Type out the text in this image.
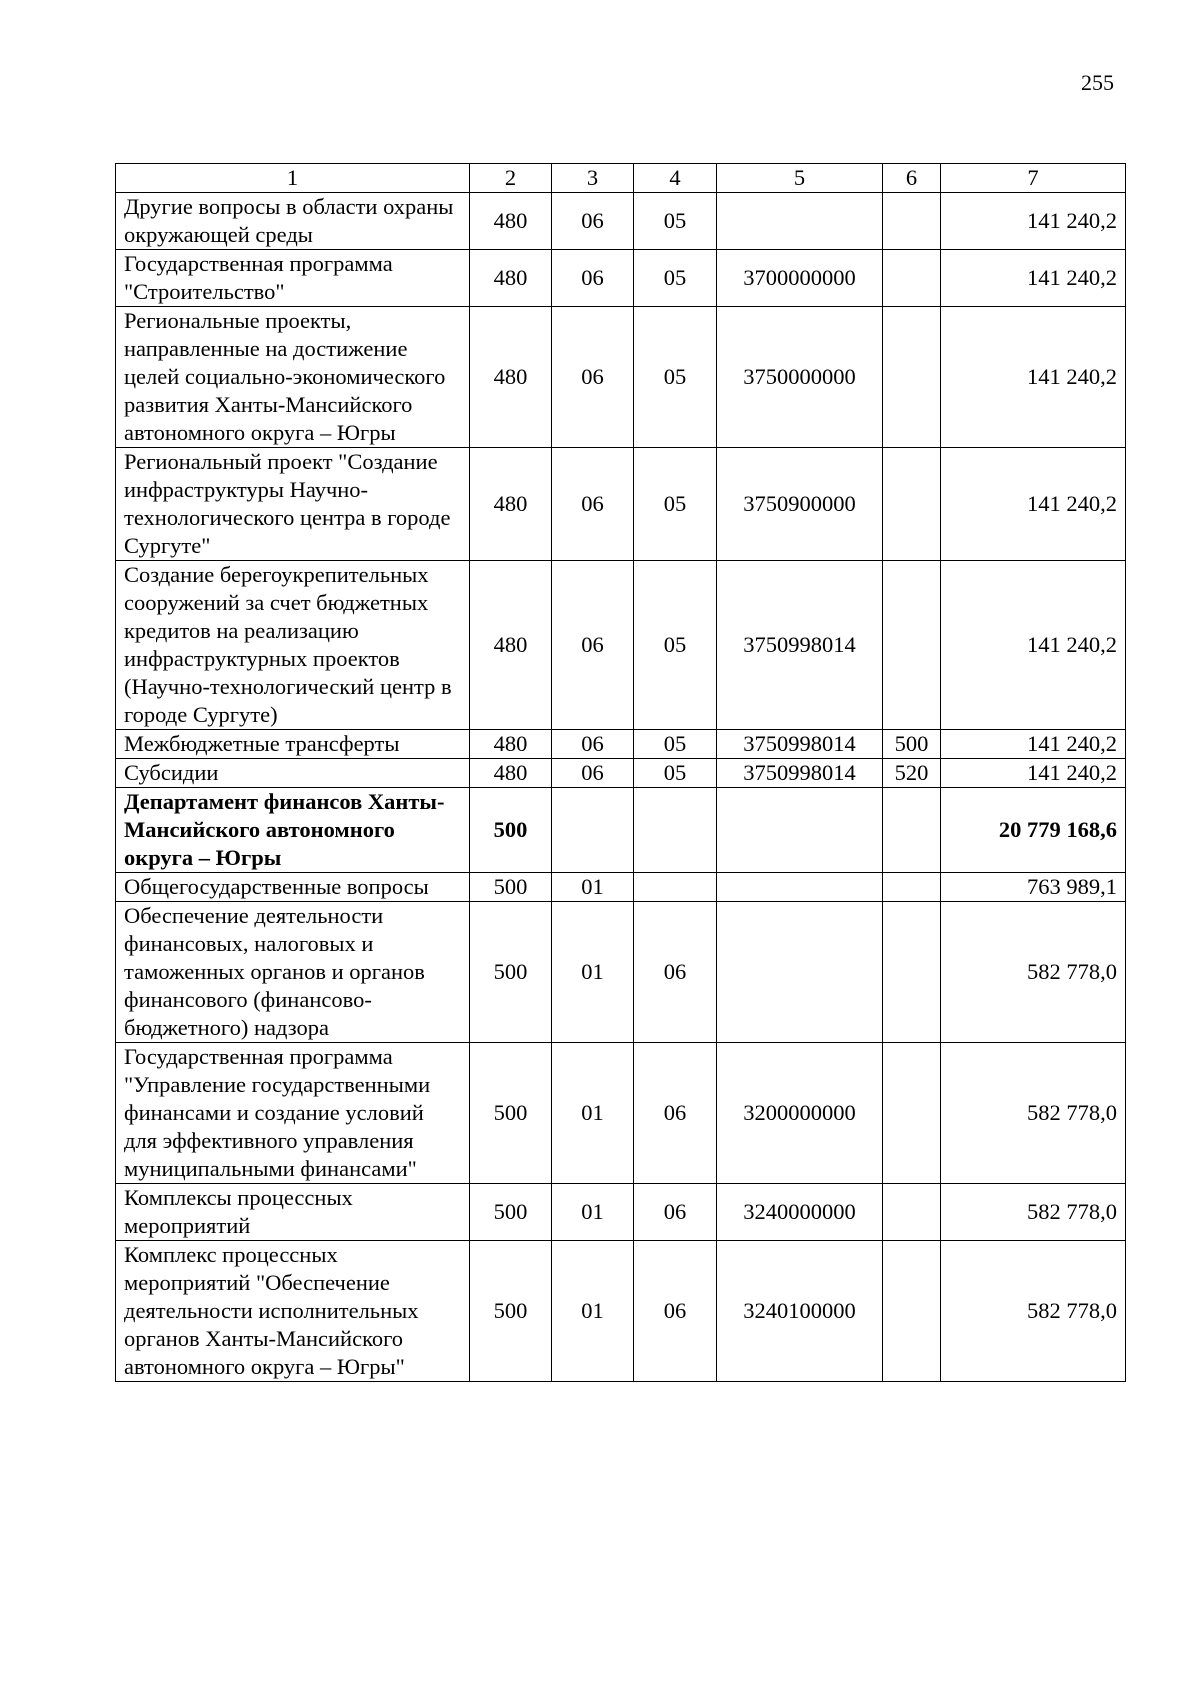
255
1	2	3	4	5	6	7
Другие вопросы в области охраны окружающей среды	480	06	05			141 240,2
Государственная программа "Строительство"	480	06	05	3700000000		141 240,2
Региональные проекты, направленные на достижение целей социально-экономического развития Ханты-Мансийского автономного округа – Югры	480	06	05	3750000000		141 240,2
Региональный проект "Создание инфраструктуры Научно-технологического центра в городе Сургуте"	480	06	05	3750900000		141 240,2
Создание берегоукрепительных сооружений за счет бюджетных кредитов на реализацию инфраструктурных проектов (Научно-технологический центр в городе Сургуте)	480	06	05	3750998014		141 240,2
Межбюджетные трансферты	480	06	05	3750998014	500	141 240,2
Субсидии	480	06	05	3750998014	520	141 240,2
Департамент финансов Ханты-Мансийского автономного округа – Югры	500					20 779 168,6
Общегосударственные вопросы	500	01				763 989,1
Обеспечение деятельности финансовых, налоговых и таможенных органов и органов финансового (финансово-бюджетного) надзора	500	01	06			582 778,0
Государственная программа "Управление государственными финансами и создание условий для эффективного управления муниципальными финансами"	500	01	06	3200000000		582 778,0
Комплексы процессных мероприятий	500	01	06	3240000000		582 778,0
Комплекс процессных мероприятий "Обеспечение деятельности исполнительных органов Ханты-Мансийского автономного округа – Югры"	500	01	06	3240100000		582 778,0
